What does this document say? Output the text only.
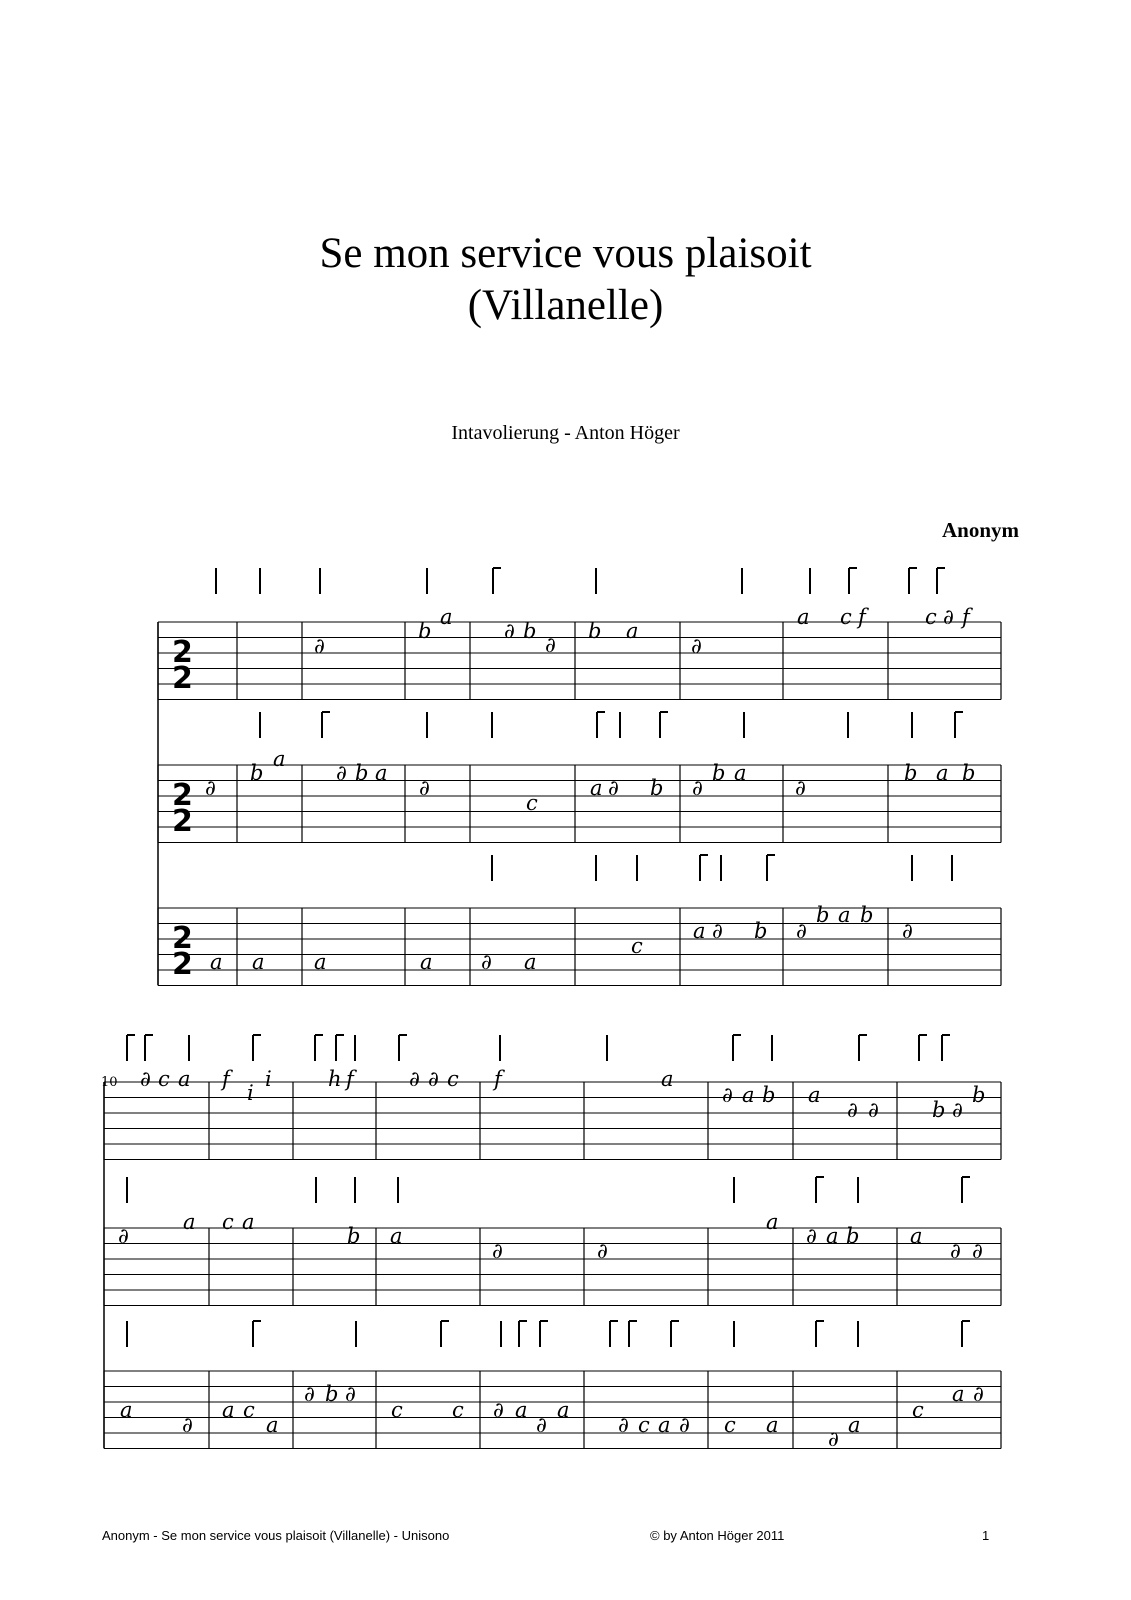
Se mon service vous plaisoit
(Villanelle)
Intavolierung - Anton Höger
Anonym
2
2
2
2
2
2
∂
b
a
∂ b
∂
b a
∂
a c f	c ∂ f
∂
b
a
∂ b a
∂
c
a ∂ b ∂
b a
∂
b a b
a a a	a ∂ a
c
a ∂ b ∂
b a b
∂
∂ c a f
i
i	h f	∂ ∂ c f	a
∂ a b a
∂ ∂	b ∂
b
∂
a c a
b a
∂	∂
a
∂ a b a
∂ ∂
a
∂
a c
a
∂ b ∂
c c ∂ a
∂
a
∂ c a ∂ c a
∂
a
c
a ∂
10
Anonym - Se mon service vous plaisoit (Villanelle) - Unisono	© by Anton Höger 2011	1
